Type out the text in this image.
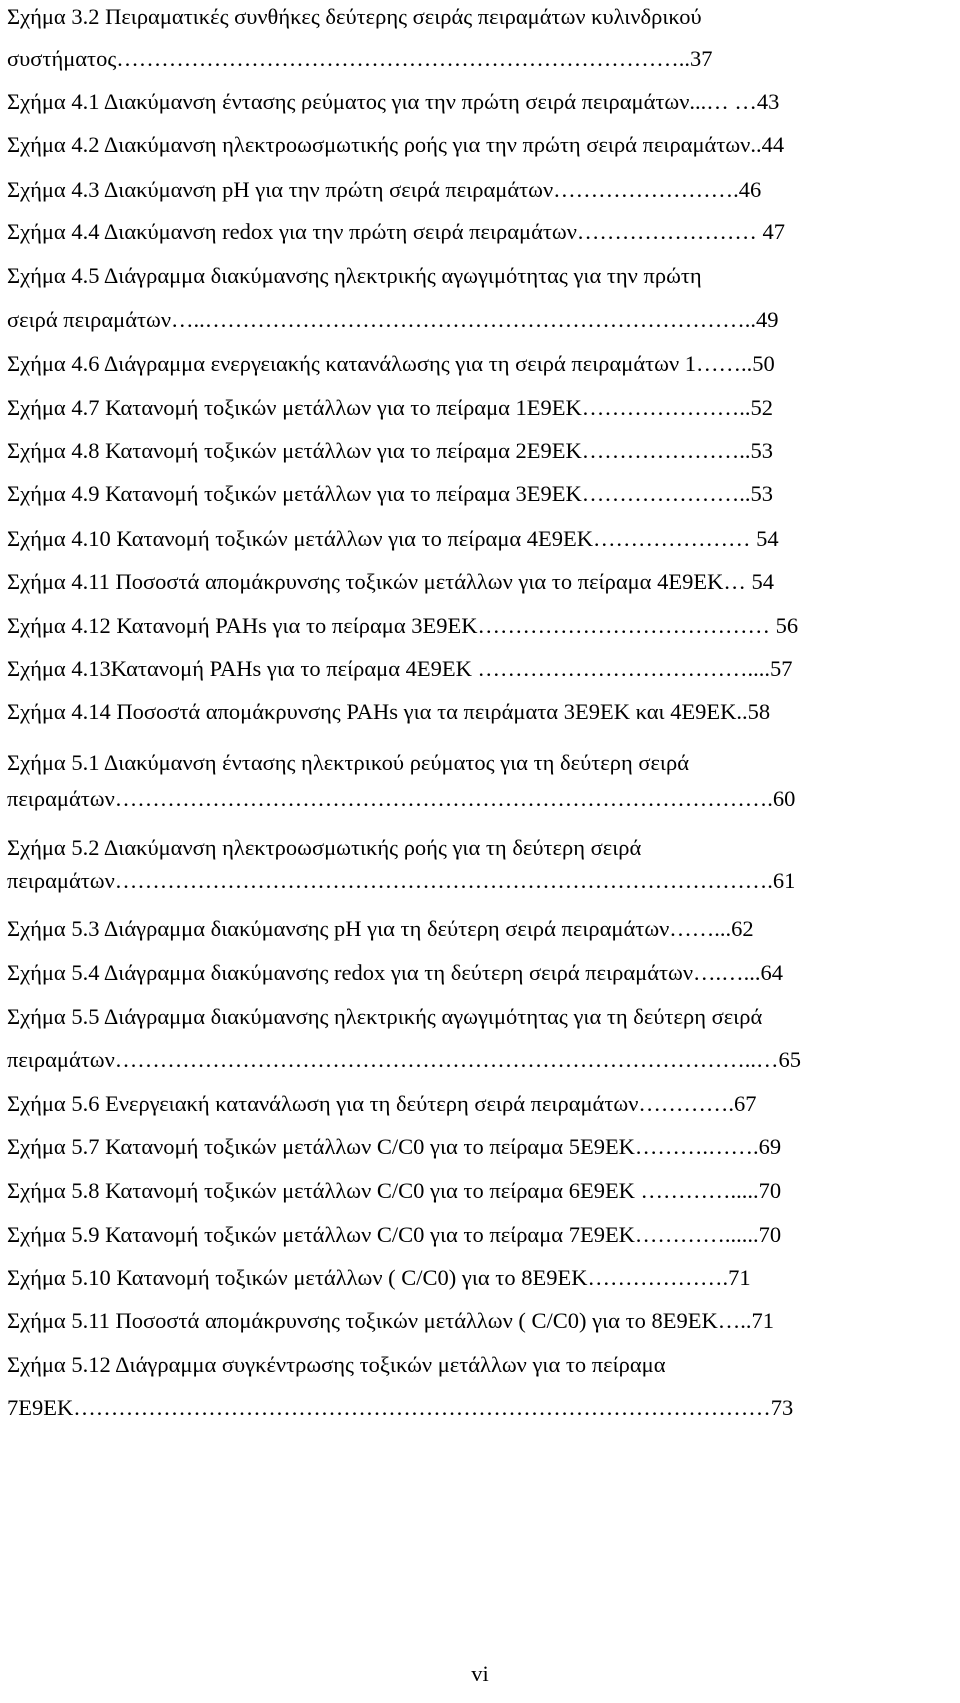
Σχήμα 3.2 Πειραματικές συνθήκες δεύτερης σειράς πειραμάτων κυλινδρικού
συστήματος…………………………………………………………………..37
Σχήμα 4.1 Διακύμανση έντασης ρεύματος για την πρώτη σειρά πειραμάτων...… …43
Σχήμα 4.2 Διακύμανση ηλεκτροωσμωτικής ροής για την πρώτη σειρά πειραμάτων..44
Σχήμα 4.3 Διακύμανση pH για την πρώτη σειρά πειραμάτων…………………….46
Σχήμα 4.4 Διακύμανση redox για την πρώτη σειρά πειραμάτων…………………… 47
Σχήμα 4.5 Διάγραμμα διακύμανσης ηλεκτρικής αγωγιμότητας για την πρώτη
σειρά πειραμάτων…..………………………………………………………………..49
Σχήμα 4.6 Διάγραμμα ενεργειακής κατανάλωσης για τη σειρά πειραμάτων 1……..50
Σχήμα 4.7 Κατανομή τοξικών μετάλλων για το πείραμα 1Ε9ΕΚ…………………..52
Σχήμα 4.8 Κατανομή τοξικών μετάλλων για το πείραμα 2Ε9ΕΚ…………………..53
Σχήμα 4.9 Κατανομή τοξικών μετάλλων για το πείραμα 3Ε9ΕΚ…………………..53
Σχήμα 4.10 Κατανομή τοξικών μετάλλων για το πείραμα 4Ε9ΕΚ………………… 54
Σχήμα 4.11 Ποσοστά απομάκρυνσης τοξικών μετάλλων για το πείραμα 4Ε9ΕΚ… 54
Σχήμα 4.12 Κατανομή PAHs για το πείραμα 3Ε9ΕΚ………………………………… 56
Σχήμα 4.13Κατανομή PAHs για το πείραμα 4Ε9ΕΚ ………………………………....57
Σχήμα 4.14 Ποσοστά απομάκρυνσης PAHs για τα πειράματα 3Ε9ΕΚ και 4Ε9ΕΚ..58
Σχήμα 5.1 Διακύμανση έντασης ηλεκτρικού ρεύματος για τη δεύτερη σειρά
πειραμάτων…………………………………………………………………………….60
Σχήμα 5.2 Διακύμανση ηλεκτροωσμωτικής ροής για τη δεύτερη σειρά
πειραμάτων…………………………………………………………………………….61
Σχήμα 5.3 Διάγραμμα διακύμανσης pH για τη δεύτερη σειρά πειραμάτων……...62
Σχήμα 5.4 Διάγραμμα διακύμανσης redox για τη δεύτερη σειρά πειραμάτων….…...64
Σχήμα 5.5 Διάγραμμα διακύμανσης ηλεκτρικής αγωγιμότητας για τη δεύτερη σειρά
πειραμάτων…………………………………………………………………………..…65
Σχήμα 5.6 Ενεργειακή κατανάλωση για τη δεύτερη σειρά πειραμάτων………….67
Σχήμα 5.7 Κατανομή τοξικών μετάλλων C/C0 για το πείραμα 5Ε9ΕΚ……….…….69
Σχήμα 5.8 Κατανομή τοξικών μετάλλων C/C0 για το πείραμα 6Ε9ΕΚ ………….....70
Σχήμα 5.9 Κατανομή τοξικών μετάλλων C/C0 για το πείραμα 7Ε9ΕΚ…………......70
Σχήμα 5.10 Κατανομή τοξικών μετάλλων ( C/C0) για το 8Ε9ΕΚ……………….71
Σχήμα 5.11 Ποσοστά απομάκρυνσης τοξικών μετάλλων ( C/C0) για το 8Ε9ΕΚ…..71
Σχήμα 5.12 Διάγραμμα συγκέντρωσης τοξικών μετάλλων για το πείραμα
7Ε9ΕΚ…………………………………………………………………………………73
vi
